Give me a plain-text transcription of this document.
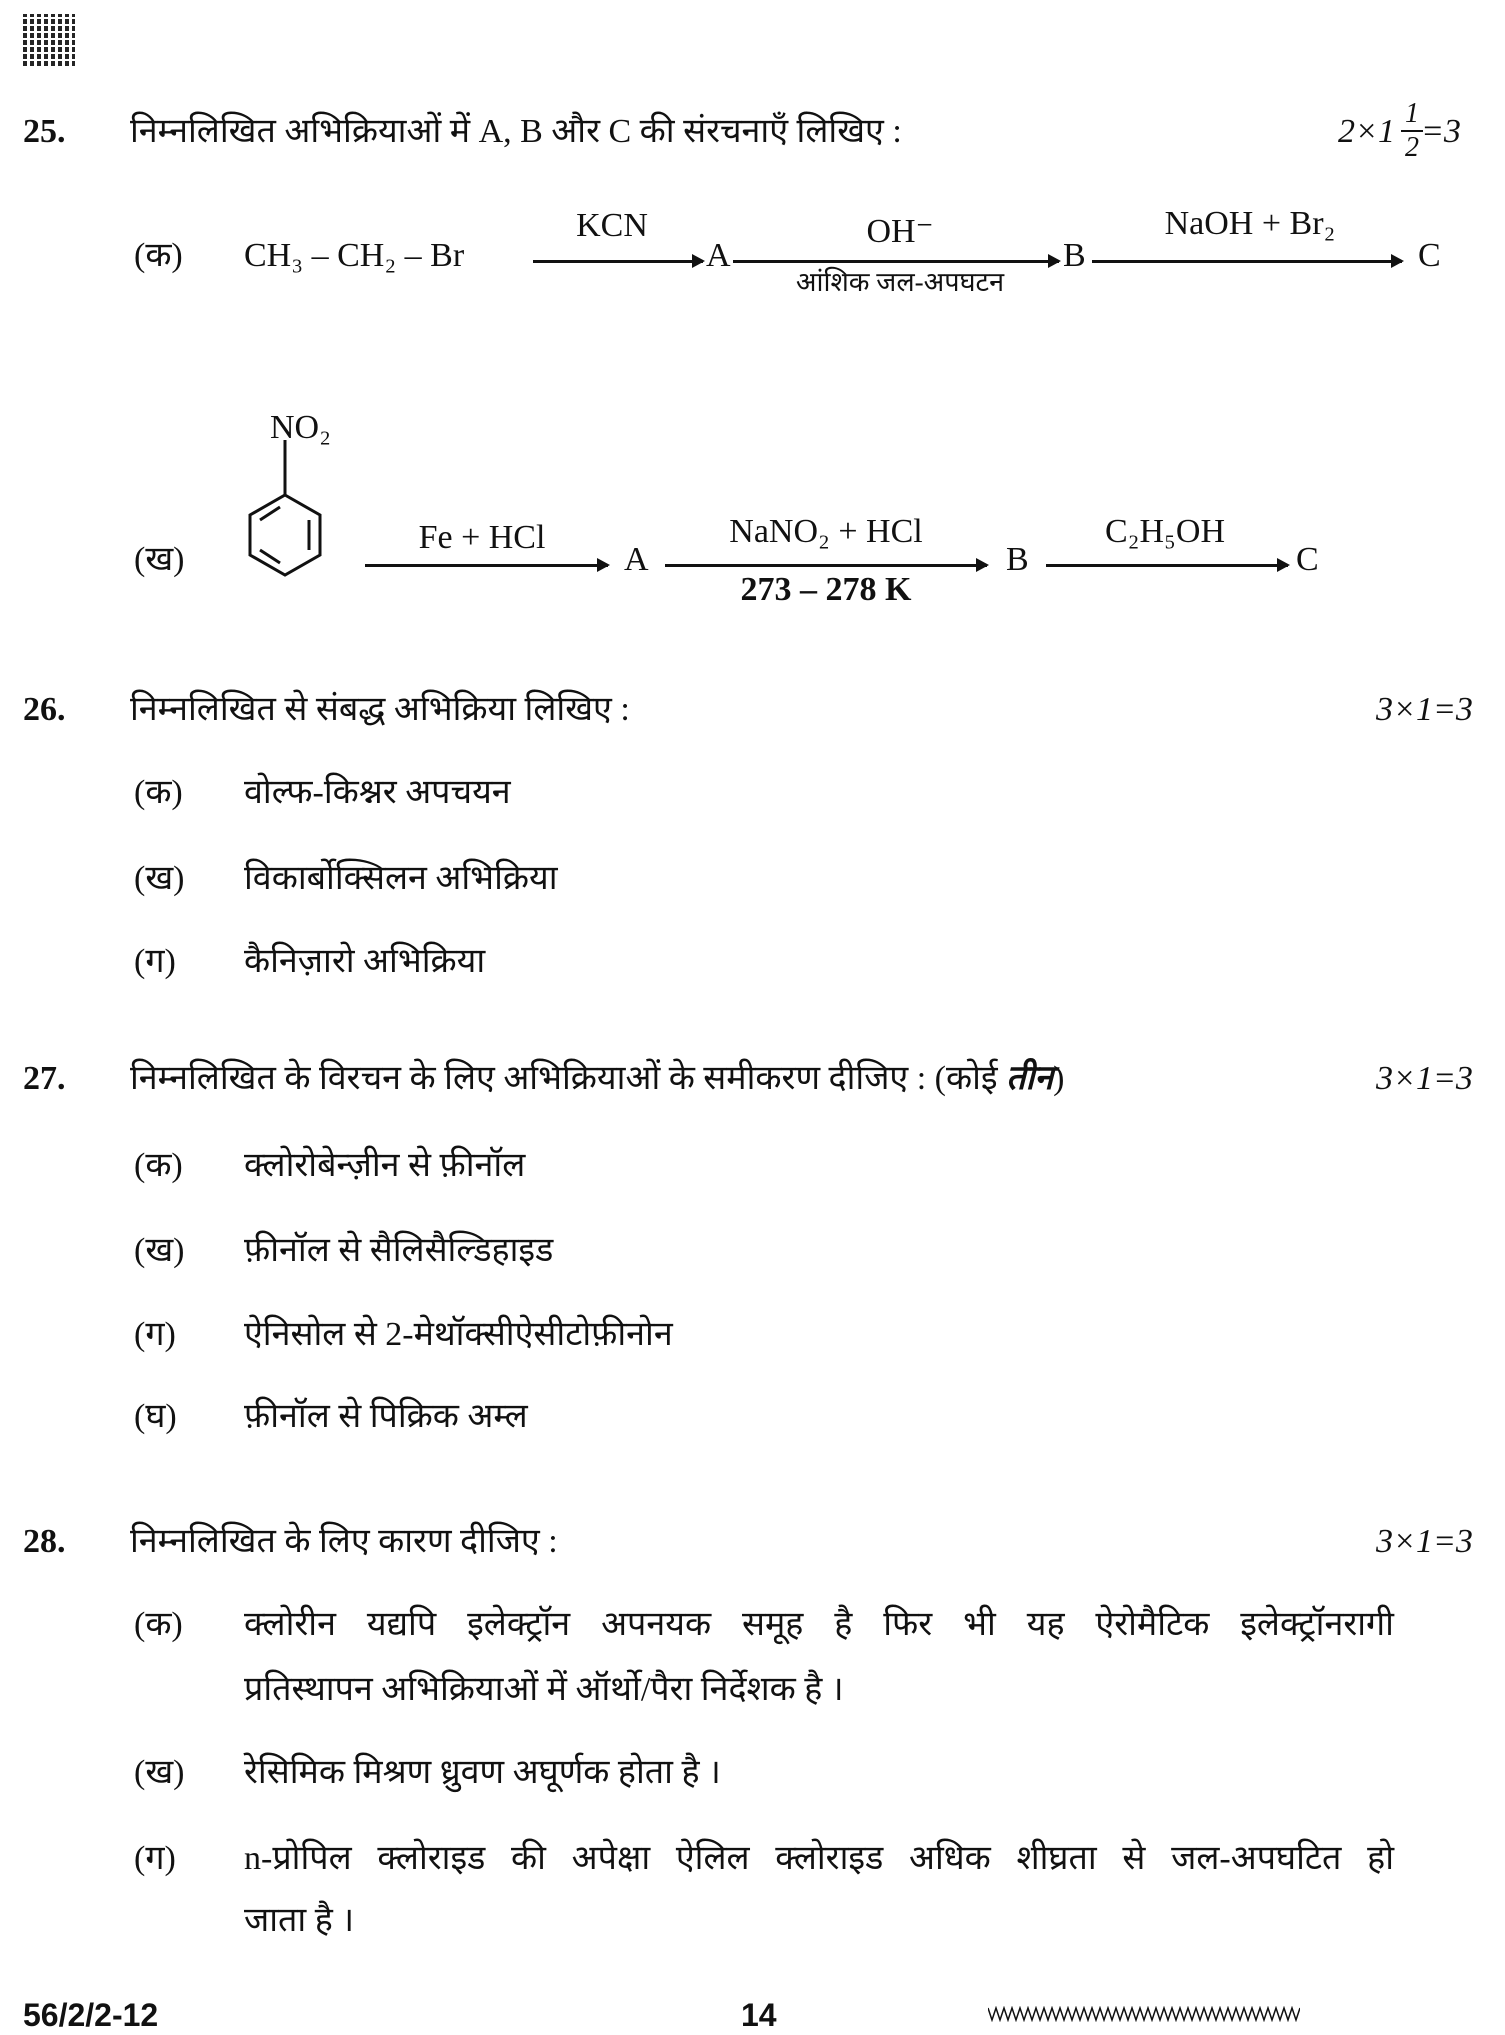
25. निम्नलिखित अभिक्रियाओं में A, B और C की संरचनाएँ लिखिए :	2×1 =3
1
2
(क) CH₃ – CH₂ – Br
KCN
A
OH⁻
आंशिक जल-अपघटन
B
NaOH + Br₂
C
(ख)
NO₂
Fe + HCl
A
NaNO₂ + HCl
273 – 278 K
B
C₂H₅OH
C
26. निम्नलिखित से संबद्ध अभिक्रिया लिखिए :	3×1=3
(क) वोल्फ-किश्नर अपचयन
(ख) विकार्बोक्सिलन अभिक्रिया
(ग) कैनिज़ारो अभिक्रिया
27. निम्नलिखित के विरचन के लिए अभिक्रियाओं के समीकरण दीजिए : (कोई तीन)	3×1=3
(क) क्लोरोबेन्ज़ीन से फ़ीनॉल
(ख) फ़ीनॉल से सैलिसैल्डिहाइड
(ग) ऐनिसोल से 2-मेथॉक्सीऐसीटोफ़ीनोन
(घ) फ़ीनॉल से पिक्रिक अम्ल
28. निम्नलिखित के लिए कारण दीजिए :	3×1=3
(क) क्लोरीन यद्यपि इलेक्ट्रॉन अपनयक समूह है फिर भी यह ऐरोमैटिक इलेक्ट्रॉनरागी
प्रतिस्थापन अभिक्रियाओं में ऑर्थो/पैरा निर्देशक है ।
(ख) रेसिमिक मिश्रण ध्रुवण अघूर्णक होता है ।
(ग) n-प्रोपिल क्लोराइड की अपेक्षा ऐलिल क्लोराइड अधिक शीघ्रता से जल-अपघटित हो
जाता है ।
56/2/2-12	14
